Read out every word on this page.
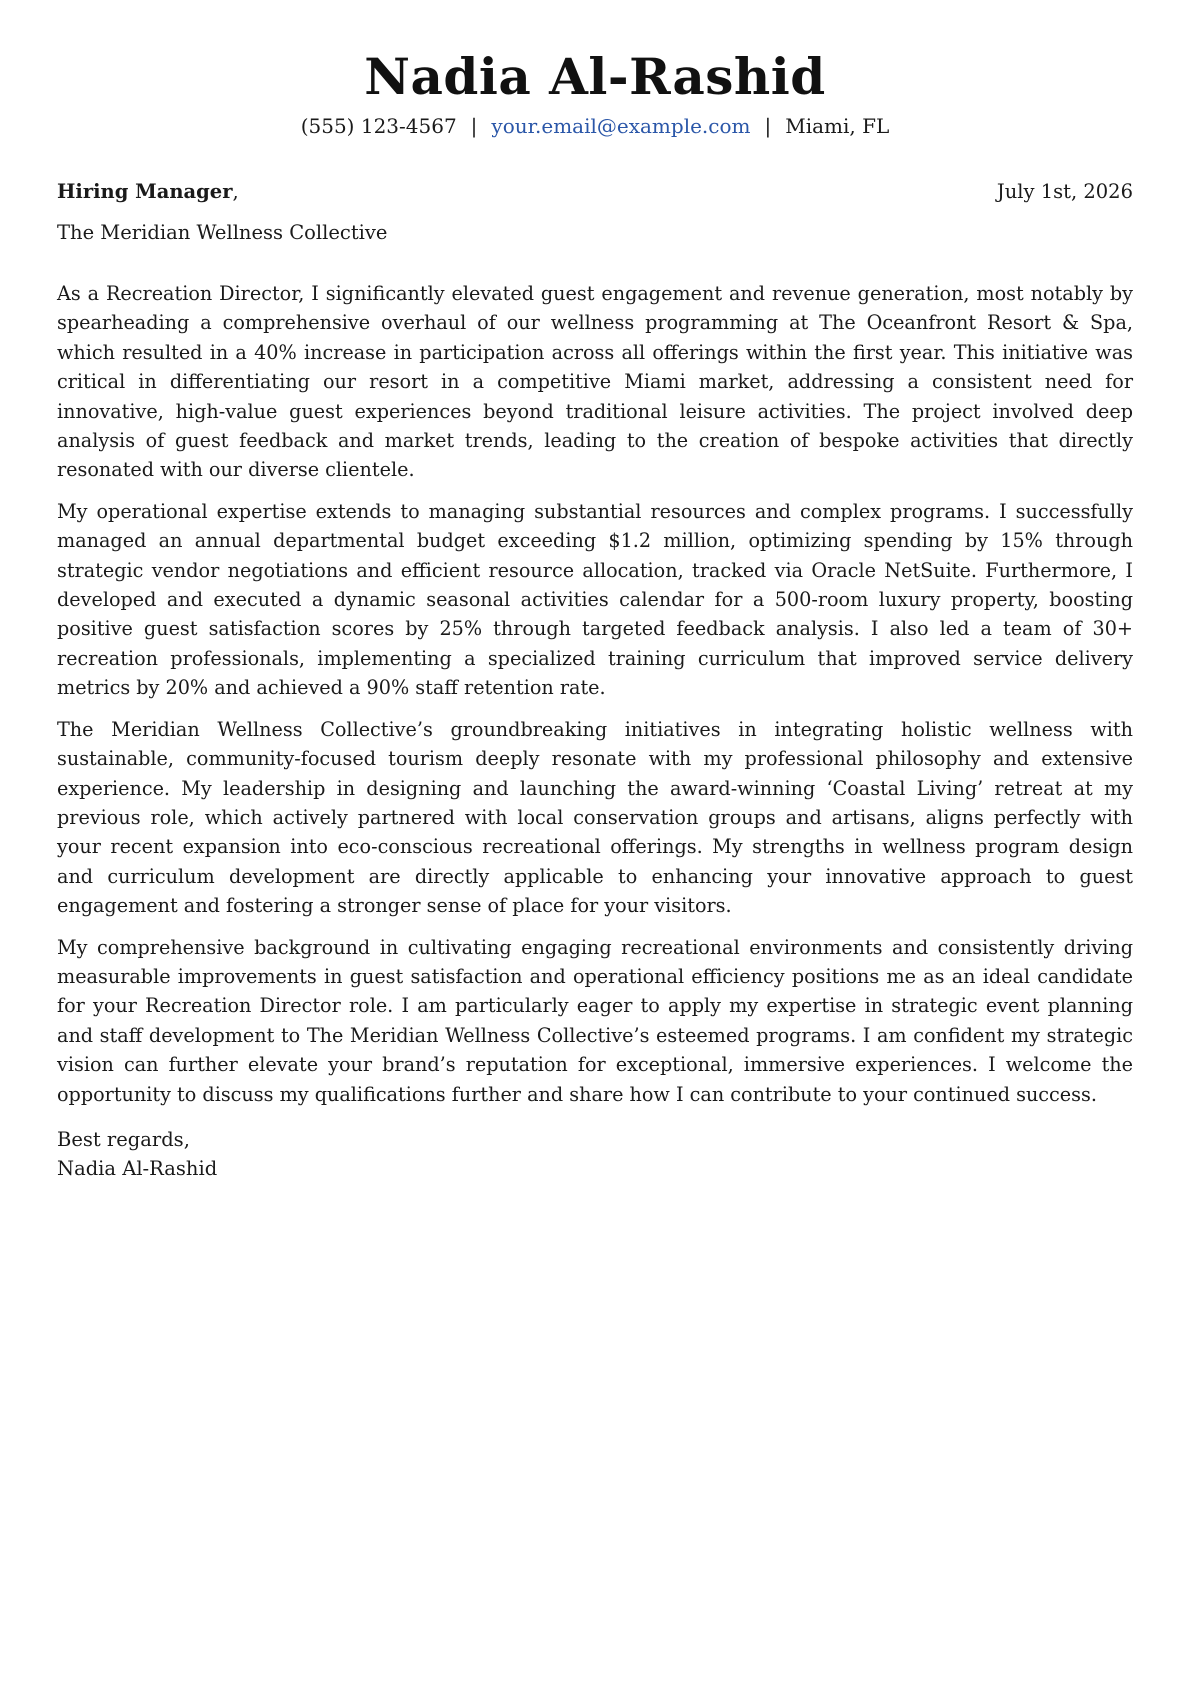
Nadia Al-Rashid
(555) 123-4567 | your.email@example.com | Miami, FL
Hiring Manager,	July 1st, 2026
The Meridian Wellness Collective

As a Recreation Director, I significantly elevated guest engagement and revenue generation, most notably by spearheading a comprehensive overhaul of our wellness programming at The Oceanfront Resort & Spa, which resulted in a 40% increase in participation across all offerings within the first year. This initiative was critical in differentiating our resort in a competitive Miami market, addressing a consistent need for innovative, high-value guest experiences beyond traditional leisure activities. The project involved deep analysis of guest feedback and market trends, leading to the creation of bespoke activities that directly resonated with our diverse clientele.

My operational expertise extends to managing substantial resources and complex programs. I successfully managed an annual departmental budget exceeding $1.2 million, optimizing spending by 15% through strategic vendor negotiations and efficient resource allocation, tracked via Oracle NetSuite. Furthermore, I developed and executed a dynamic seasonal activities calendar for a 500-room luxury property, boosting positive guest satisfaction scores by 25% through targeted feedback analysis. I also led a team of 30+ recreation professionals, implementing a specialized training curriculum that improved service delivery metrics by 20% and achieved a 90% staff retention rate.

The Meridian Wellness Collective’s groundbreaking initiatives in integrating holistic wellness with sustainable, community-focused tourism deeply resonate with my professional philosophy and extensive experience. My leadership in designing and launching the award-winning ‘Coastal Living’ retreat at my previous role, which actively partnered with local conservation groups and artisans, aligns perfectly with your recent expansion into eco-conscious recreational offerings. My strengths in wellness program design and curriculum development are directly applicable to enhancing your innovative approach to guest engagement and fostering a stronger sense of place for your visitors.

My comprehensive background in cultivating engaging recreational environments and consistently driving measurable improvements in guest satisfaction and operational efficiency positions me as an ideal candidate for your Recreation Director role. I am particularly eager to apply my expertise in strategic event planning and staff development to The Meridian Wellness Collective’s esteemed programs. I am confident my strategic vision can further elevate your brand’s reputation for exceptional, immersive experiences. I welcome the opportunity to discuss my qualifications further and share how I can contribute to your continued success.

Best regards,
Nadia Al-Rashid
